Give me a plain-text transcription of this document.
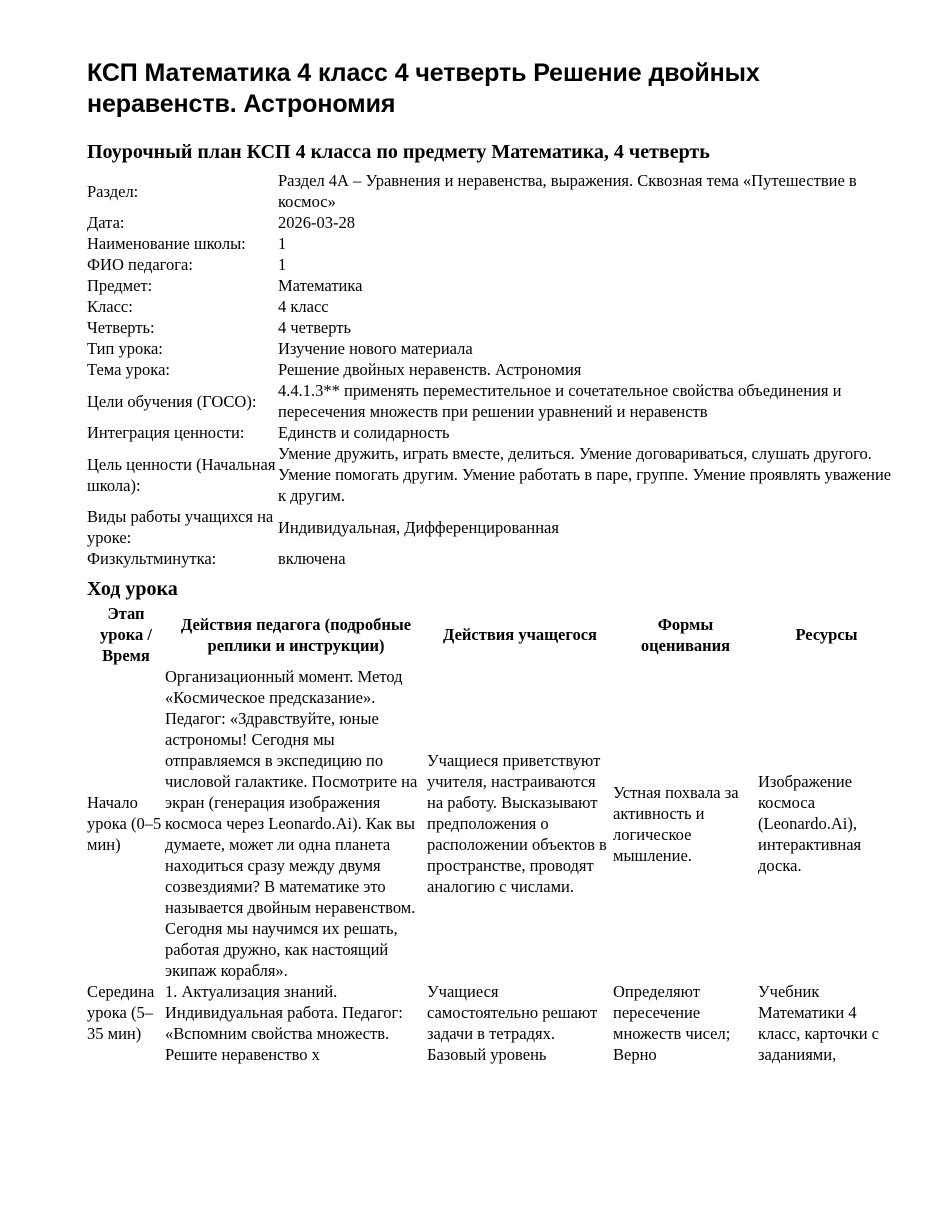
КСП Математика 4 класс 4 четверть Решение двойных неравенств. Астрономия
Поурочный план КСП 4 класса по предмету Математика, 4 четверть
Раздел:	Раздел 4А – Уравнения и неравенства, выражения. Сквозная тема «Путешествие в космос»
Дата:	2026-03-28
Наименование школы:	1
ФИО педагога:	1
Предмет:	Математика
Класс:	4 класс
Четверть:	4 четверть
Тип урока:	Изучение нового материала
Тема урока:	Решение двойных неравенств. Астрономия
Цели обучения (ГОСО):	4.4.1.3** применять переместительное и сочетательное свойства объединения и пересечения множеств при решении уравнений и неравенств
Интеграция ценности:	Единств и солидарность
Цель ценности (Начальная школа):	Умение дружить, играть вместе, делиться. Умение договариваться, слушать другого. Умение помогать другим. Умение работать в паре, группе. Умение проявлять уважение к другим.
Виды работы учащихся на уроке:	Индивидуальная, Дифференцированная
Физкультминутка:	включена
Ход урока
Этап урока / Время	Действия педагога (подробные реплики и инструкции)	Действия учащегося	Формы оценивания	Ресурсы
Начало урока (0–5 мин)	Организационный момент. Метод «Космическое предсказание». Педагог: «Здравствуйте, юные астрономы! Сегодня мы отправляемся в экспедицию по числовой галактике. Посмотрите на экран (генерация изображения космоса через Leonardo.Ai). Как вы думаете, может ли одна планета находиться сразу между двумя созвездиями? В математике это называется двойным неравенством. Сегодня мы научимся их решать, работая дружно, как настоящий экипаж корабля».	Учащиеся приветствуют учителя, настраиваются на работу. Высказывают предположения о расположении объектов в пространстве, проводят аналогию с числами.	Устная похвала за активность и логическое мышление.	Изображение космоса (Leonardo.Ai), интерактивная доска.
Середина урока (5–35 мин)	1. Актуализация знаний. Индивидуальная работа. Педагог: «Вспомним свойства множеств. Решите неравенство x	Учащиеся самостоятельно решают задачи в тетрадях. Базовый уровень	Определяют пересечение множеств чисел; Верно	Учебник Математики 4 класс, карточки с заданиями,
